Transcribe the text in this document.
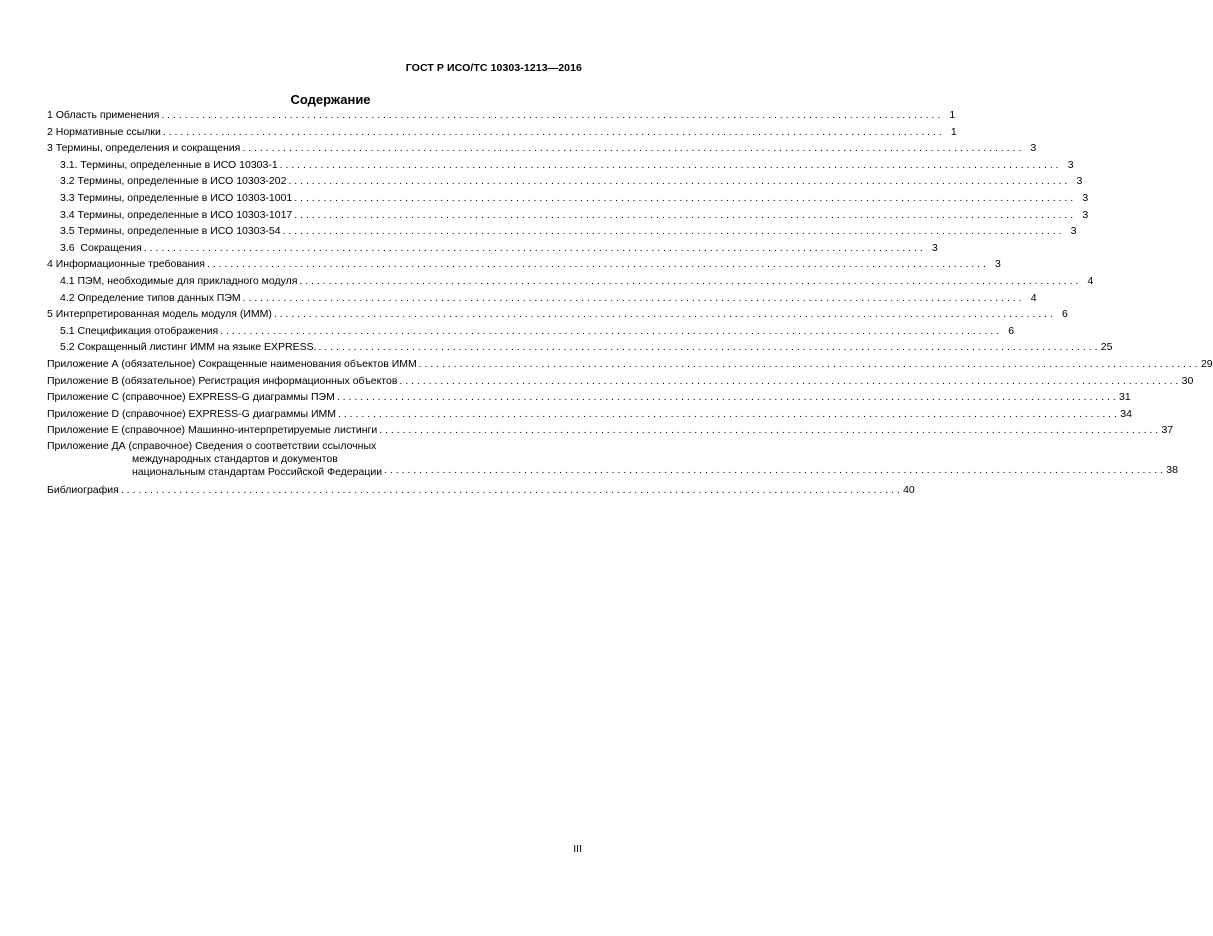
ГОСТ Р ИСО/ТС 10303-1213—2016
Содержание
1 Область применения . . .	1
2 Нормативные ссылки . . .	1
3 Термины, определения и сокращения . . .	3
3.1. Термины, определенные в ИСО 10303-1 . . .	3
3.2 Термины, определенные в ИСО 10303-202 . . .	3
3.3 Термины, определенные в ИСО 10303-1001 . . .	3
3.4 Термины, определенные в ИСО 10303-1017 . . .	3
3.5 Термины, определенные в ИСО 10303-54 . . .	3
3.6  Сокращения . . .	3
4 Информационные требования . . .	3
4.1 ПЭМ, необходимые для прикладного модуля . . .	4
4.2 Определение типов данных ПЭМ . . .	4
5 Интерпретированная модель модуля (ИММ) . . .	6
5.1 Спецификация отображения . . .	6
5.2 Сокращенный листинг ИММ на языке EXPRESS. . . .	25
Приложение А (обязательное) Сокращенные наименования объектов ИММ . . .	29
Приложение В (обязательное) Регистрация информационных объектов . . .	30
Приложение С (справочное) EXPRESS-G диаграммы ПЭМ . . .	31
Приложение D (справочное) EXPRESS-G диаграммы ИММ . . .	34
Приложение E (справочное) Машинно-интерпретируемые листинги . . .	37
Приложение ДА (справочное) Сведения о соответствии ссылочных
международных стандартов и документов
национальным стандартам Российской Федерации . . .	38
Библиография . . .	40
III
